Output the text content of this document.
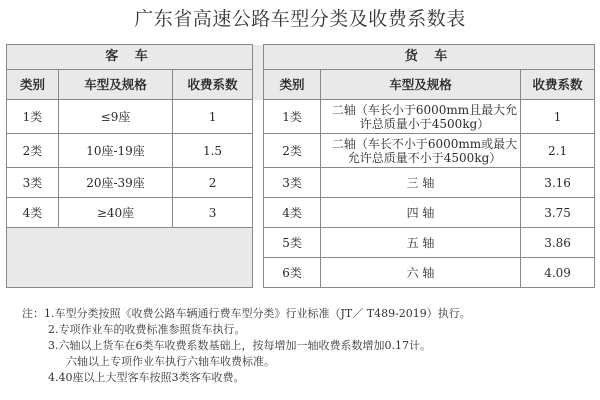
广东省高速公路车型分类及收费系数表
客 车				货 车		
类别	车型及规格	收费系数		类别	车型及规格	收费系数
1类	≤9座	1		1类	二轴（车长小于6000mm且最大允许总质量小于4500kg）	1
2类	10座-19座	1.5		2类	二轴（车长不小于6000mm或最大允许总质量不小于4500kg）	2.1
3类	20座-39座	2		3类	三 轴	3.16
4类	≥40座	3		4类	四 轴	3.75
				5类	五 轴	3.86
				6类	六 轴	4.09
注：1.车型分类按照《收费公路车辆通行费车型分类》行业标准（JT／ T489-2019）执行。
2.专项作业车的收费标准参照货车执行。
3.六轴以上货车在6类车收费系数基础上，按每增加一轴收费系数增加0.17计。
六轴以上专项作业车执行六轴车收费标准。
4.40座以上大型客车按照3类客车收费。
